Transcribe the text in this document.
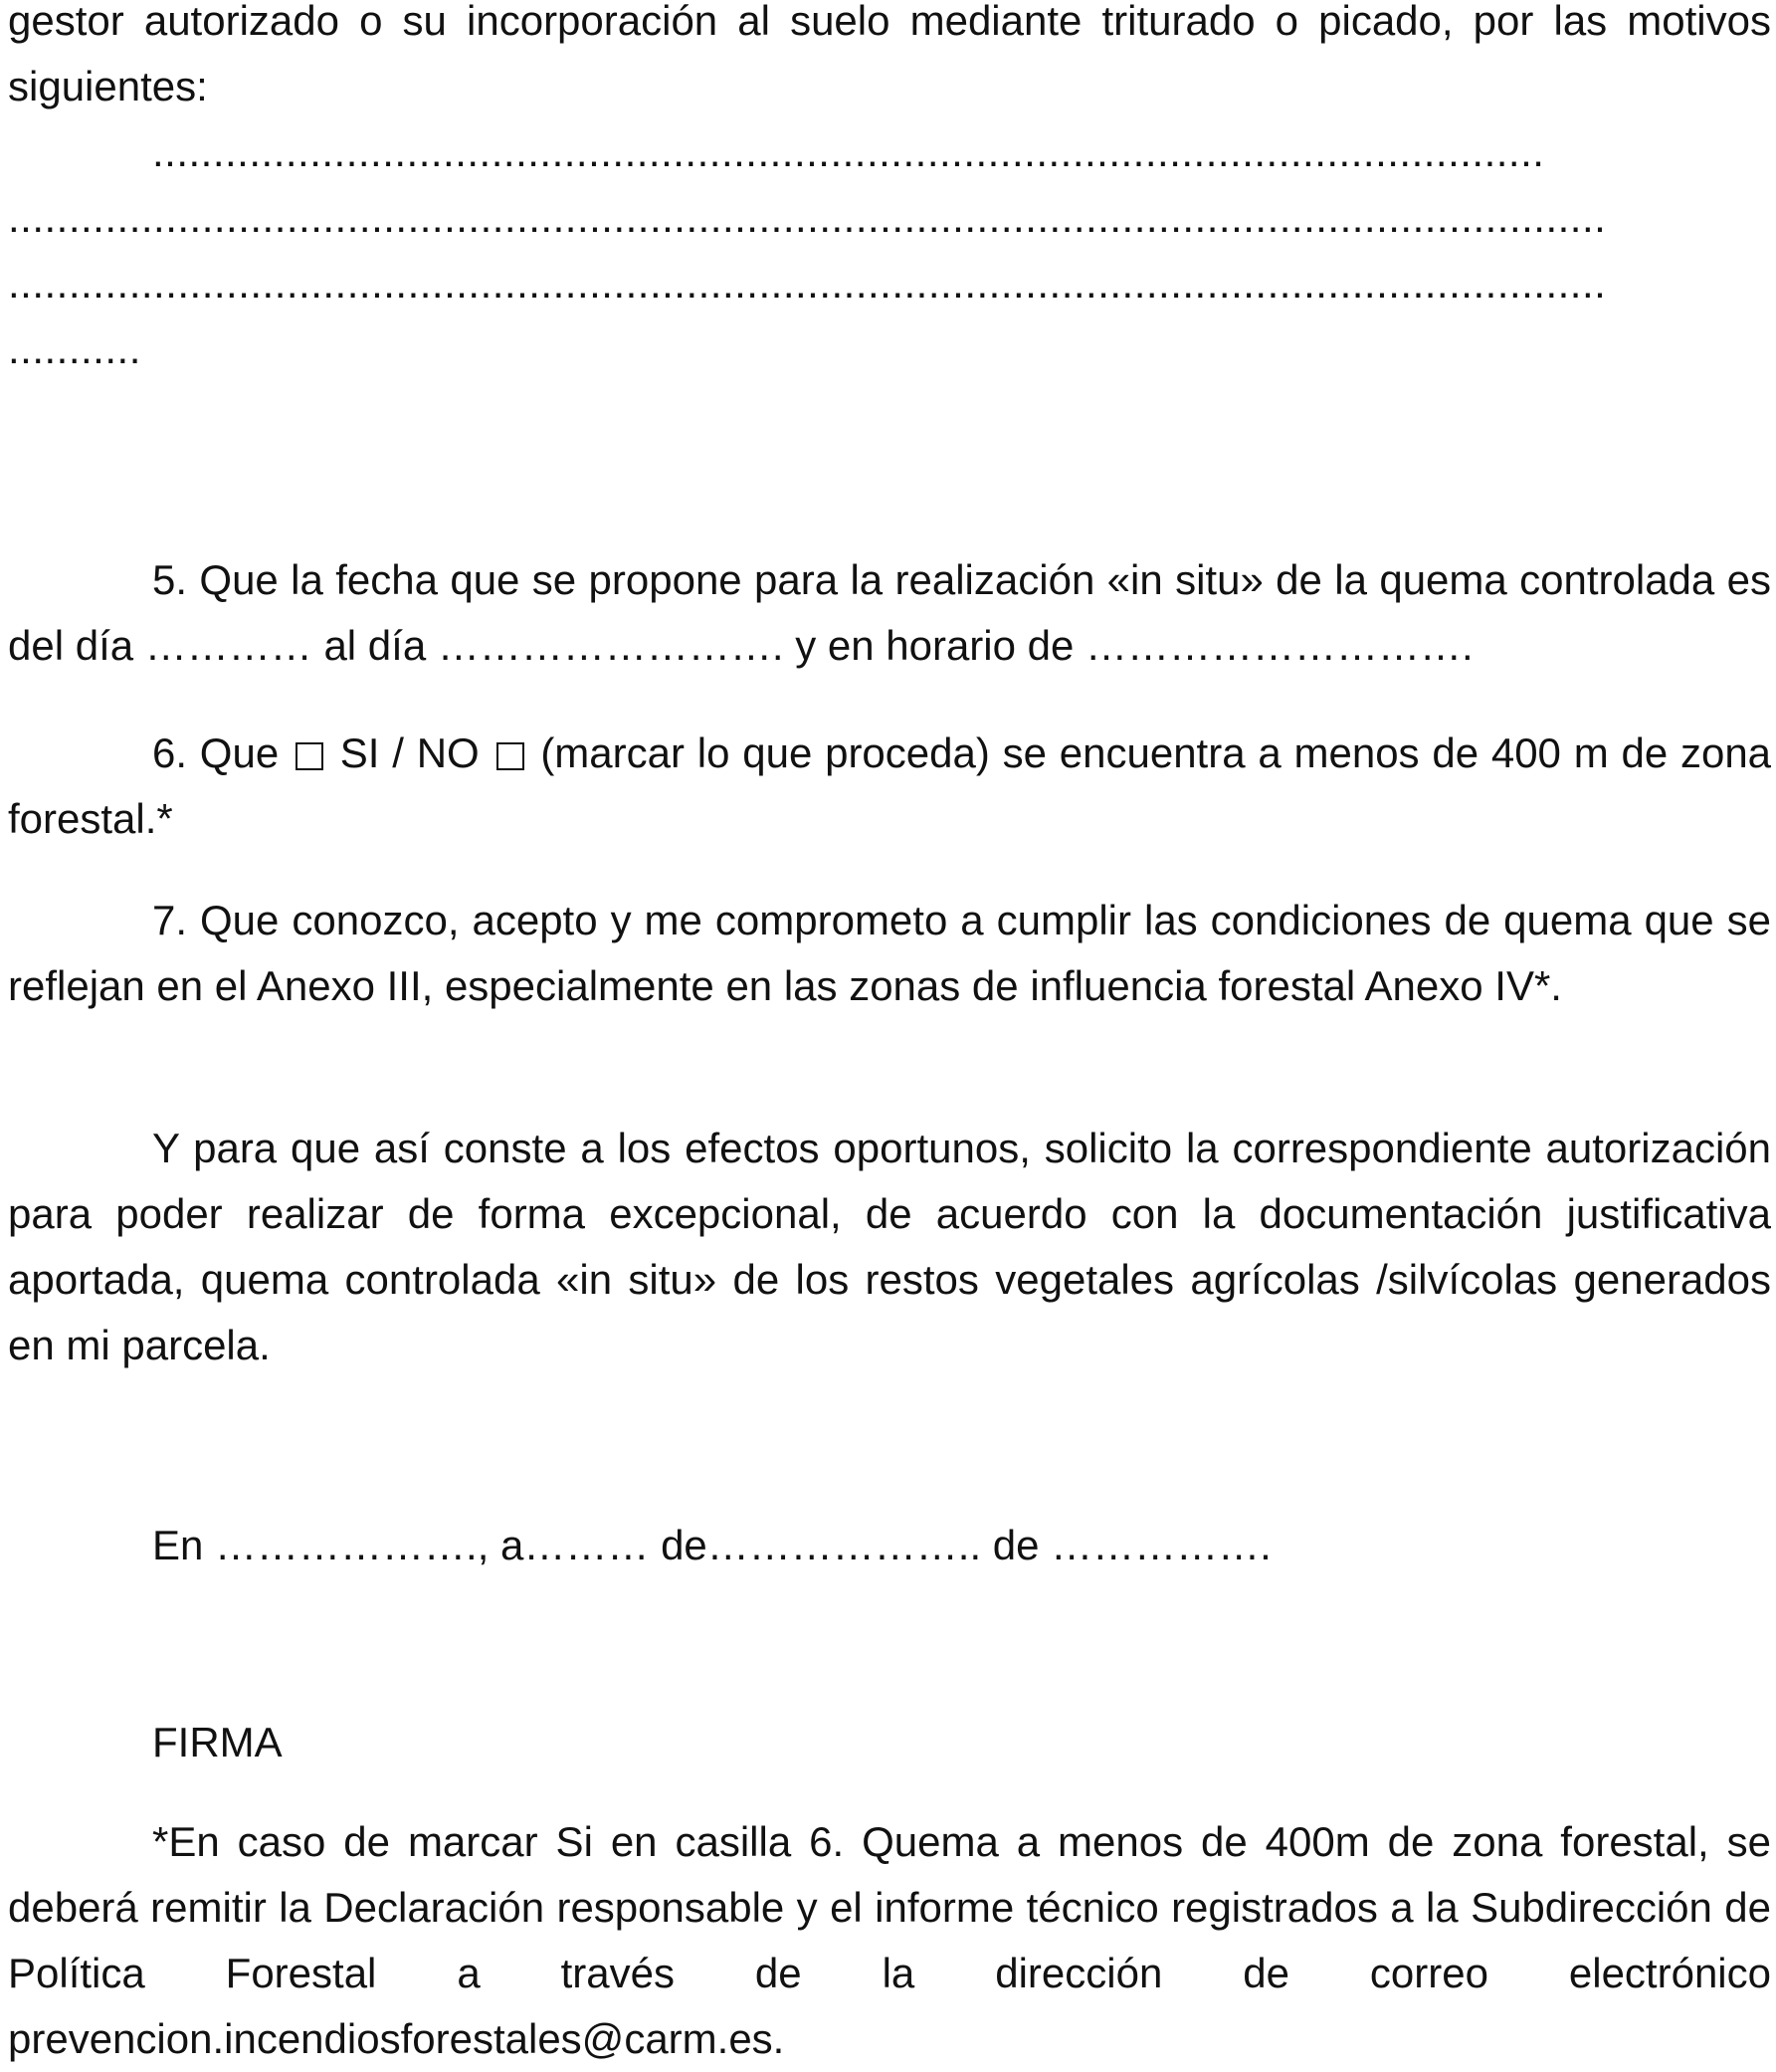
gestor autorizado o su incorporación al suelo mediante triturado o picado, por las motivos siguientes:

...................................................................................................................
....................................................................................................................................
....................................................................................................................................
...........

5. Que la fecha que se propone para la realización «in situ» de la quema controlada es del día ………… al día ……………………. y en horario de ……………………….

6. Que SI / NO (marcar lo que proceda) se encuentra a menos de 400 m de zona forestal.*

7. Que conozco, acepto y me comprometo a cumplir las condiciones de quema que se reflejan en el Anexo III, especialmente en las zonas de influencia forestal Anexo IV*.

Y para que así conste a los efectos oportunos, solicito la correspondiente autorización para poder realizar de forma excepcional, de acuerdo con la documentación justificativa aportada, quema controlada «in situ» de los restos vegetales agrícolas /silvícolas generados en mi parcela.

En ………………., a……… de……………….. de …………….
FIRMA

*En caso de marcar Si en casilla 6. Quema a menos de 400m de zona forestal, se deberá remitir la Declaración responsable y el informe técnico registrados a la Subdirección de Política Forestal a través de la dirección de correo electrónico prevencion.incendiosforestales@carm.es.
